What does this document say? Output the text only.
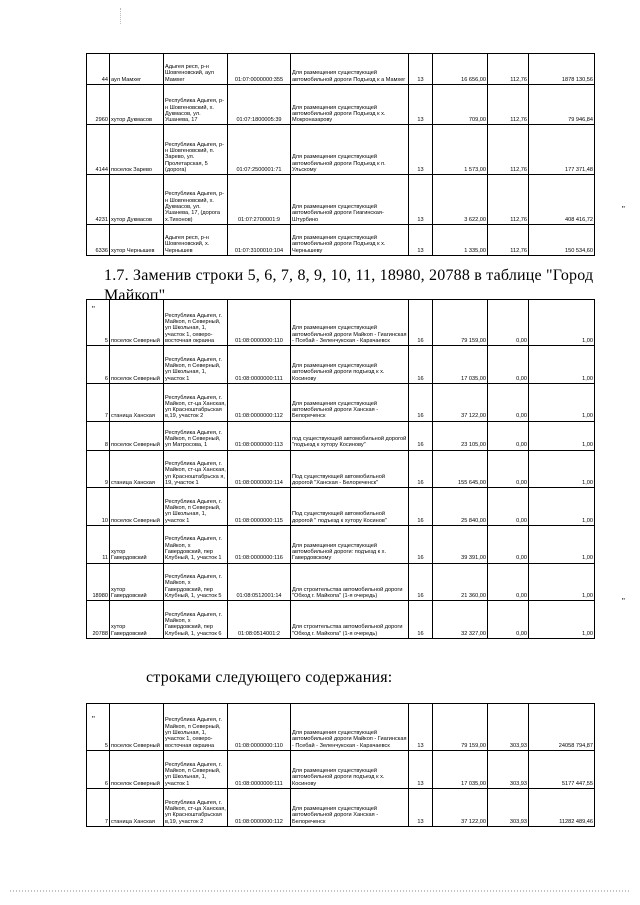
44	аул Мамхег	Адыгея респ, р-н Шовгеновский, аул Мамхег	01:07:0000000:355	Для размещения существующей автомобильной дороги Подъезд к а Мамхег	13	16 656,00	112,76	1878 130,56
2960	хутор Дукмасов	Республика Адыгея, р-н Шовгеновский, х. Дукмасов, ул. Ушанева, 17	01:07:1800005:39	Для размещения существующей автомобильной дороги Подъезд к х. Мокроназарову	13	709,00	112,76	79 946,84
4144	поселок Зарево	Республика Адыгея, р-н Шовгеновский, п. Зарево, ул. Пролетарская, 5 (дорога)	01:07:2500001:71	Для размещения существующей автомобильной дороги Подъезд к п. Ульскому	13	1 573,00	112,76	177 371,48
4231	хутор Дукмасов	Республика Адыгея, р-н Шовгеновский, х. Дукмасов, ул. Ушанева, 17, (дорога х.Тихонов)	01:07:2700001:9	Для размещения существующей автомобильной дороги Гиагинская-Штурбино	13	3 622,00	112,76	408 416,72
6336	хутор Чернышев	Адыгея респ, р-н Шовгеновский, х. Чернышев	01:07:3100010:104	Для размещения существующей автомобильной дороги Подъезд к х. Чернышеву	13	1 335,00	112,76	150 534,60
"
1.7. Заменив строки 5, 6, 7, 8, 9, 10, 11, 18980, 20788 в таблице "Город Майкоп"
"
5	поселок Северный	Республика Адыгея, г. Майкоп, п Северный, ул Школьная, 1, участок 1, северо-восточная окраина	01:08:0000000:110	Для размещения существующей автомобильной дороги Майкоп - Гиагинская - Псебай - Зеленчукская - Карачаевск	16	79 159,00	0,00	1,00
6	поселок Северный	Республика Адыгея, г. Майкоп, п Северный, ул Школьная, 1, участок 1	01:08:0000000:111	Для размещения существующей автомобильной дороги подъезд к х. Косинову	16	17 035,00	0,00	1,00
7	станица Ханская	Республика Адыгея, г. Майкоп, ст-ца Ханская, ул Красноштабрьская в,19, участок 2	01:08:0000000:112	Для размещения существующей автомобильной дороги Ханская - Белореченск	16	37 122,00	0,00	1,00
8	поселок Северный	Республика Адыгея, г. Майкоп, п Северный, ул Матросова, 1	01:08:0000000:113	под существующей автомобильной дорогой "подъезд к хутору Косинову"	16	23 105,00	0,00	1,00
9	станица Ханская	Республика Адыгея, г. Майкоп, ст-ца Ханская, ул Красноштабрьска я, 19, участок 1	01:08:0000000:114	Под существующей автомобильной дорогой "Ханская - Белореченск"	16	155 645,00	0,00	1,00
10	поселок Северный	Республика Адыгея, г. Майкоп, п Северный, ул Школьная, 1, участок 1	01:08:0000000:115	Под существующей автомобильной дорогой " подъезд к хутору Косинов"	16	25 840,00	0,00	1,00
11	хутор Гавердовский	Республика Адыгея, г. Майкоп, х Гавердовский, пер Клубный, 1, участок 1	01:08:0000000:116	Для размещения существующей автомобильной дороги: подъезд к х. Гавердовскому	16	39 391,00	0,00	1,00
18980	хутор Гавердовский	Республика Адыгея, г. Майкоп, х Гавердовский, пер Клубный, 1, участок 5	01:08:0512001:14	Для строительства автомобильной дороги "Обход г. Майкопа" (1-я очередь)	16	21 360,00	0,00	1,00
20788	хутор Гавердовский	Республика Адыгея, г. Майкоп, х Гавердовский, пер Клубный, 1, участок 6	01:08:0514001:2	Для строительства автомобильной дороги "Обход г. Майкопа" (1-я очередь)	16	32 327,00	0,00	1,00
"
строками следующего содержания:
"
5	поселок Северный	Республика Адыгея, г. Майкоп, п Северный, ул Школьная, 1, участок 1, северо-восточная окраина	01:08:0000000:110	Для размещения существующей автомобильной дороги Майкоп - Гиагинская - Псебай - Зеленчукская - Карачаевск	13	79 159,00	303,93	24058 794,87
6	поселок Северный	Республика Адыгея, г. Майкоп, п Северный, ул Школьная, 1, участок 1	01:08:0000000:111	Для размещения существующей автомобильной дороги подъезд к х. Косинову	13	17 035,00	303,93	5177 447,55
7	станица Ханская	Республика Адыгея, г. Майкоп, ст-ца Ханская, ул Красноштабрьская в,19, участок 2	01:08:0000000:112	Для размещения существующей автомобильной дороги Ханская - Белореченск	13	37 122,00	303,93	11282 489,46
